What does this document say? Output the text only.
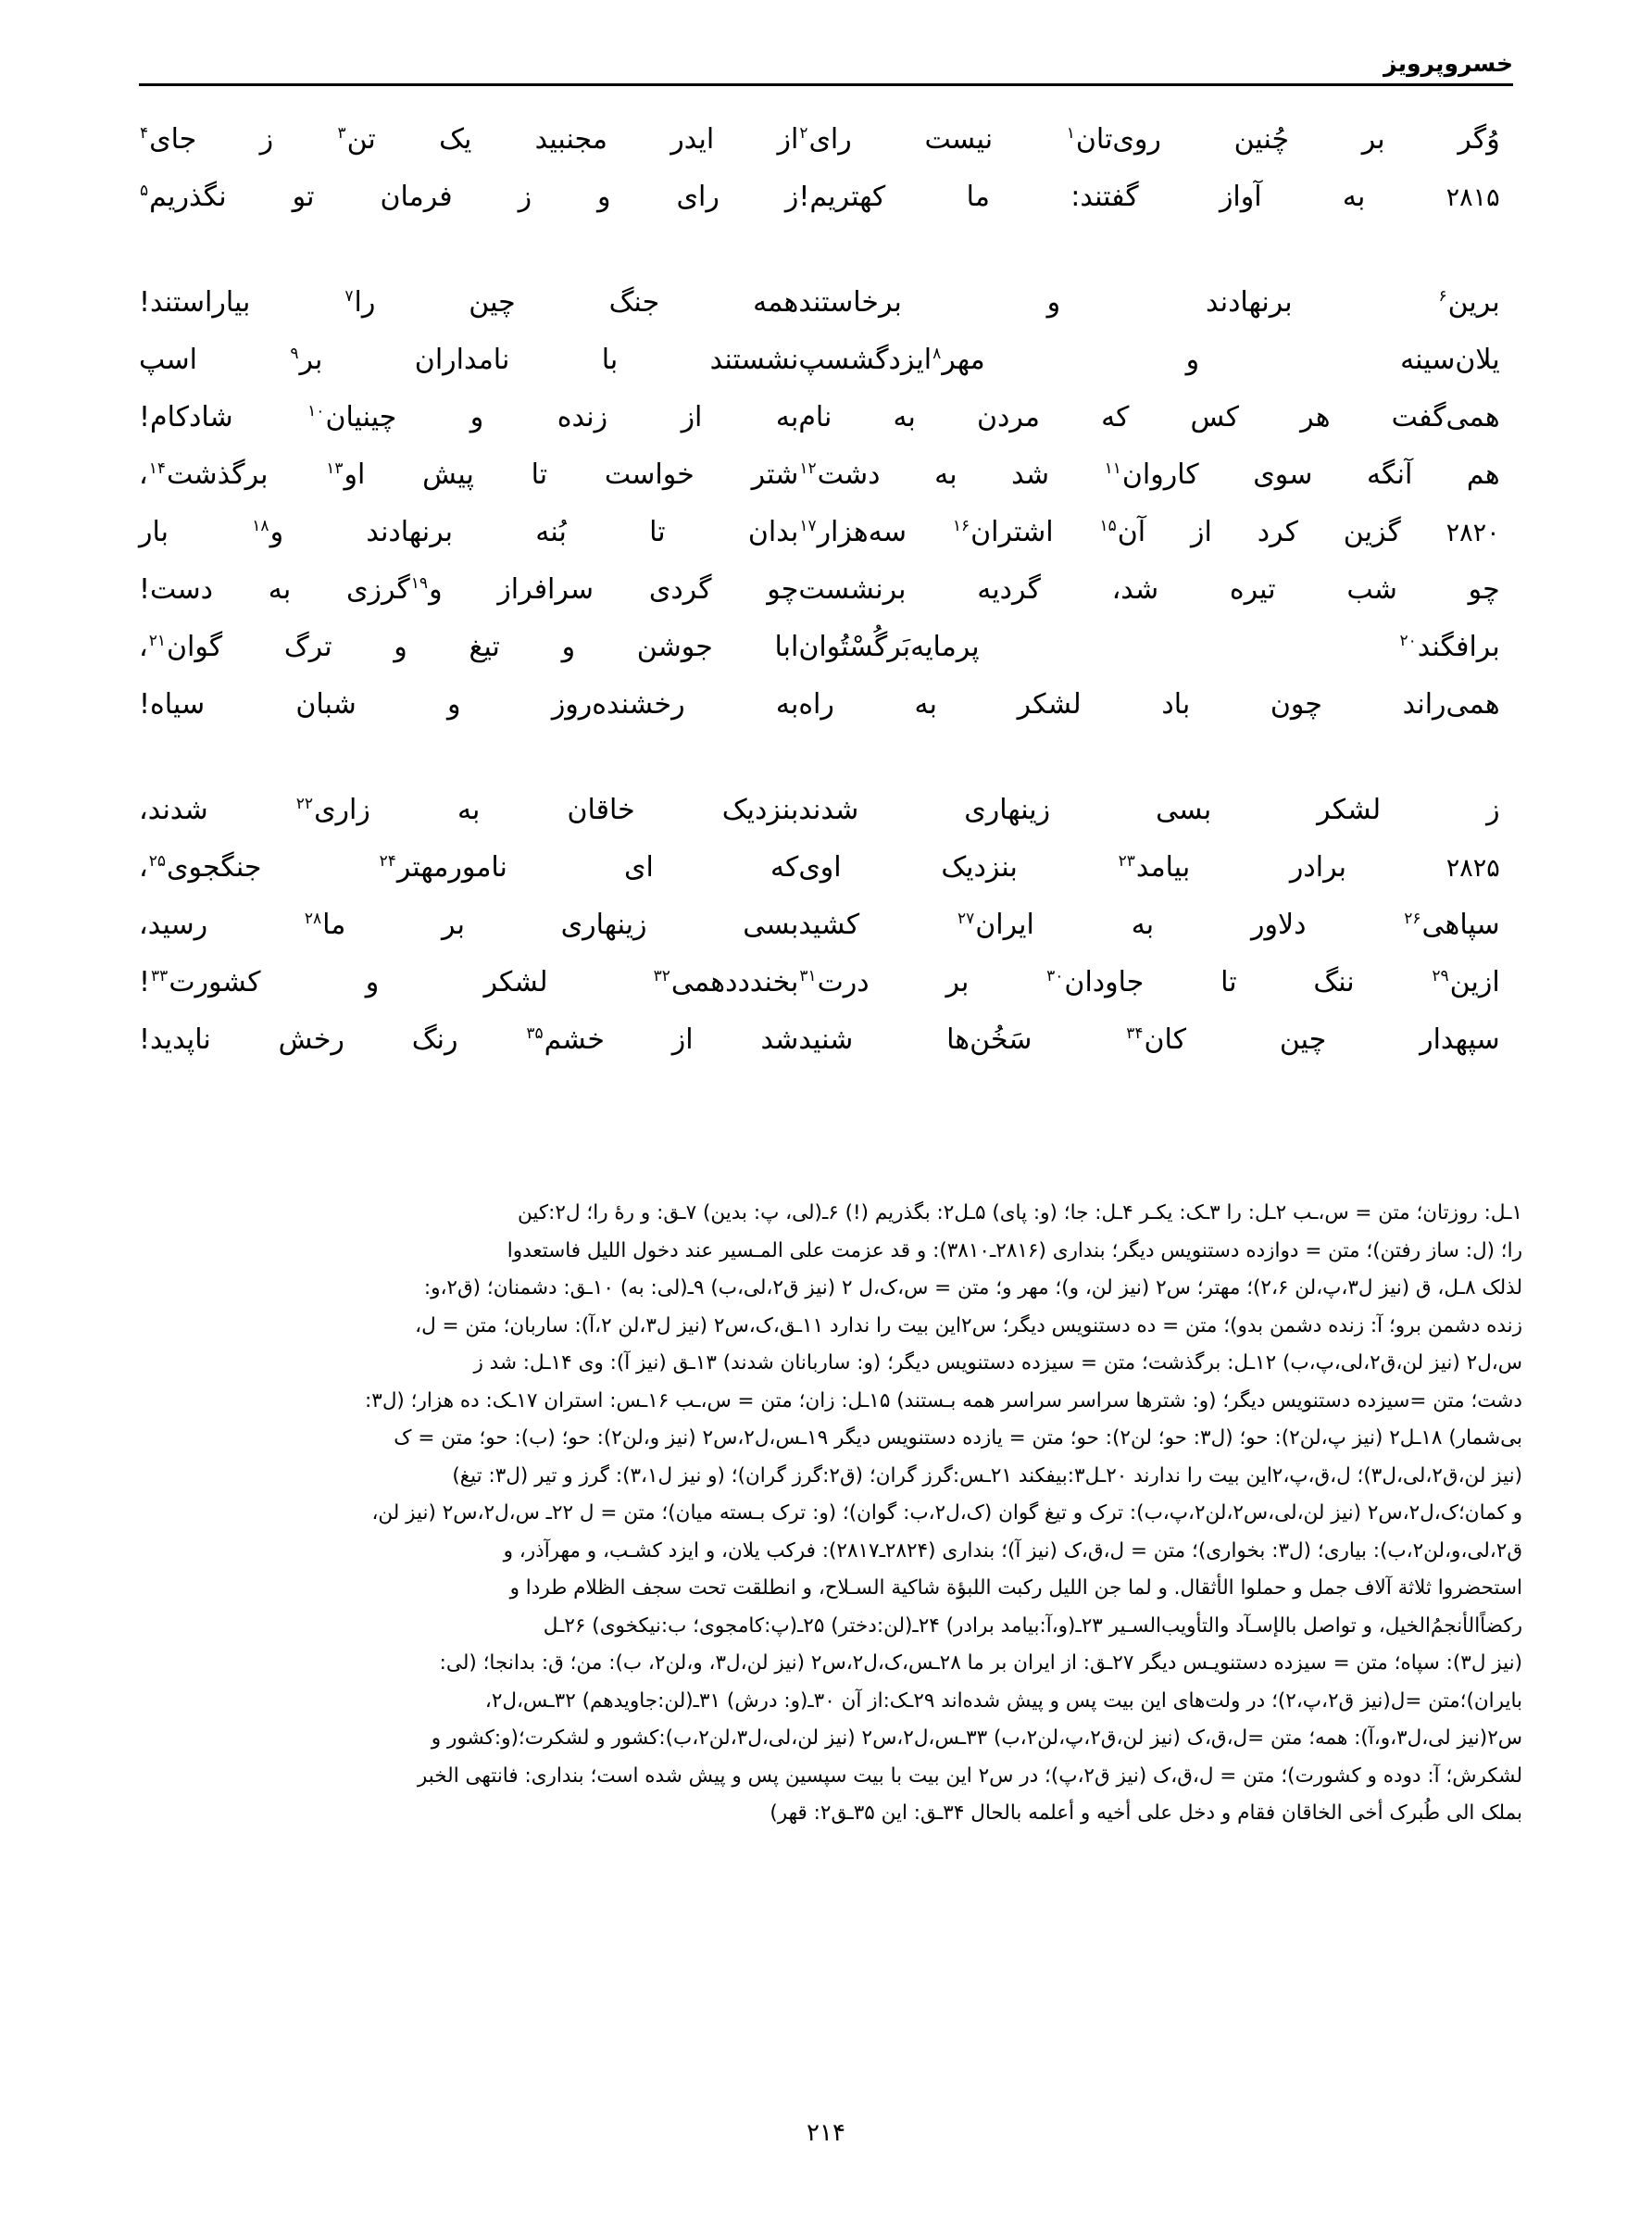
خسروپرویز
وُگر بر چُنین روی‌تان$^۱$ نیست رای$^۲$
از ایدر مجنبید یک تن$^۳$ ز جای$^۴$
۲۸۱۵ به آواز گفتند: ما کهتریم!
ز رای و ز فرمان تو نگذریم$^۵$
برین$^۶$ برنهادند و برخاستند
همه جنگ چین را$^۷$ بیاراستند!
یلان‌سینه و مهر$^۸$ایزدگشسپ
نشستند با نامداران بر$^۹$ اسپ
همی‌گفت هر کس که مردن به نام
به از زنده و چینیان$^{۱۰}$ شادکام!
هم آنگه سوی کاروان$^{۱۱}$ شد به دشت$^{۱۲}$
شتر خواست تا پیش او$^{۱۳}$ برگذشت$^{۱۴}$،
۲۸۲۰ گزین کرد از آن$^{۱۵}$ اشتران$^{۱۶}$ سه‌هزار$^{۱۷}$
بدان تا بُنه برنهادند و$^{۱۸}$ بار
چو شب تیره شد، گردیه برنشست
چو گردی سرافراز و$^{۱۹}$گرزی به دست!
برافگند$^{۲۰}$ پرمایه‌بَرگُسْتُوان
ابا جوشن و تیغ و ترگ گوان$^{۲۱}$،
همی‌راند چون باد لشکر به راه
به رخشنده‌روز و شبان سیاه!
ز لشکر بسی زینهاری شدند
بنزدیک خاقان به زاری$^{۲۲}$ شدند،
۲۸۲۵ برادر بیامد$^{۲۳}$ بنزدیک اوی
که ای نامورمهتر$^{۲۴}$ جنگجوی$^{۲۵}$،
سپاهی$^{۲۶}$ دلاور به ایران$^{۲۷}$ کشید
بسی زینهاری بر ما$^{۲۸}$ رسید،
ازین$^{۲۹}$ ننگ تا جاودان$^{۳۰}$ بر درت$^{۳۱}$
بخندددهمی$^{۳۲}$ لشکر و کشورت$^{۳۳}$!
سپهدار چین کان$^{۳۴}$ سَخُن‌ها شنید
شد از خشم$^{۳۵}$ رنگ رخش ناپدید!
۱ـل: روزتان؛ متن = س،ـب ۲ـل: را ۳ـک: یکـر ۴ـل: جا؛ (و: پای) ۵ـل۲: بگذریم (!) ۶ـ(لی، پ: بدین) ۷ـق: و رهٔ را؛ ل۲:کینرا؛ (ل: ساز رفتن)؛ متن = دوازده دستنویس دیگر؛ بنداری (۲۸۱۶ـ۳۸۱۰): و قد عزمت علی المـسیر عند دخول اللیل فاستعدوالذلک ۸ـل، ق (نیز ل۳،پ،لن ۲،۶)؛ مهتر؛ س۲ (نیز لن، و)؛ مهر و؛ متن = س،ک،ل ۲ (نیز ق۲،لی،ب) ۹ـ(لی: به) ۱۰ـق: دشمنان؛ (ق۲،و:زنده دشمن برو؛ آ: زنده دشمن بدو)؛ متن = ده دستنویس دیگر؛ س۲این بیت را ندارد ۱۱ـق،ک،س۲ (نیز ل۳،لن ۲،آ): ساربان؛ متن = ل،س،ل۲ (نیز لن،ق۲،لی،پ،ب) ۱۲ـل: برگذشت؛ متن = سیزده دستنویس دیگر؛ (و: ساربانان شدند) ۱۳ـق (نیز آ): وی ۱۴ـل: شد زدشت؛ متن =سیزده دستنویس دیگر؛ (و: شترها سراسر سراسر همه بـستند) ۱۵ـل: زان؛ متن = س،ـب ۱۶ـس: استران ۱۷ـک: ده هزار؛ (ل۳:بی‌شمار) ۱۸ـل۲ (نیز پ،لن۲): حو؛ (ل۳: حو؛ لن۲): حو؛ متن = یازده دستنویس دیگر ۱۹ـس،ل۲،س۲ (نیز و،لن۲): حو؛ (ب): حو؛ متن = ک(نیز لن،ق۲،لی،ل۳)؛ ل،ق،پ،۲این بیت را ندارند ۲۰ـل۳:بیفکند ۲۱ـس:گرز گران؛ (ق۲:گرز گران)؛ (و نیز ل۳،۱): گرز و تیر (ل۳: تیغ)و کمان؛ک،ل۲،س۲ (نیز لن،لی،س۲،لن۲،پ،ب): ترک و تیغ گوان (ک،ل۲،ب: گوان)؛ (و: ترک بـسته میان)؛ متن = ل ۲۲ـ س،ل۲،س۲ (نیز لن،ق۲،لی،و،لن۲،ب): بیاری؛ (ل۳: بخواری)؛ متن = ل،ق،ک (نیز آ)؛ بنداری (۲۸۲۴ـ۲۸۱۷): فرکب یلان، و ایزد کشـب، و مهرآذر، واستحضروا ثلاثة آلاف جمل و حملوا الأثقال. و لما جن اللیل رکبت اللبؤة شاکیة السـلاح، و انطلقت تحت سجف الظلام طردا ورکضاًالأنجمُ‌الخیل، و تواصل بالإسـآد والتأویب‌السـیر ۲۳ـ(و،آ:بیامد برادر) ۲۴ـ(لن:دختر) ۲۵ـ(پ:کامجوی؛ ب:نیکخوی) ۲۶ـل(نیز ل۳): سپاه؛ متن = سیزده دستنویـس دیگر ۲۷ـق: از ایران بر ما ۲۸ـس،ک،ل۲،س۲ (نیز لن،ل۳، و،لن۲، ب): من؛ ق: بدانجا؛ (لی:بایران)؛متن =ل(نیز ق۲،پ،۲)؛ در ولت‌های این بیت پس و پیش شده‌اند ۲۹ـک:از آن ۳۰ـ(و: درش) ۳۱ـ(لن:جاویدهم) ۳۲ـس،ل۲،س۲(نیز لی،ل۳،و،آ): همه؛ متن =ل،ق،ک (نیز لن،ق۲،پ،لن۲،ب) ۳۳ـس،ل۲،س۲ (نیز لن،لی،ل۳،لن۲،ب):کشور و لشکرت؛(و:کشور ولشکرش؛ آ: دوده و کشورت)؛ متن = ل،ق،ک (نیز ق۲،پ)؛ در س۲ این بیت با بیت سپسین پس و پیش شده است؛ بنداری: فانتهی الخبربملک الی طُبرک أخی الخاقان فقام و دخل علی أخیه و أعلمه بالحال ۳۴ـق: این ۳۵ـق۲: قهر)
۲۱۴
